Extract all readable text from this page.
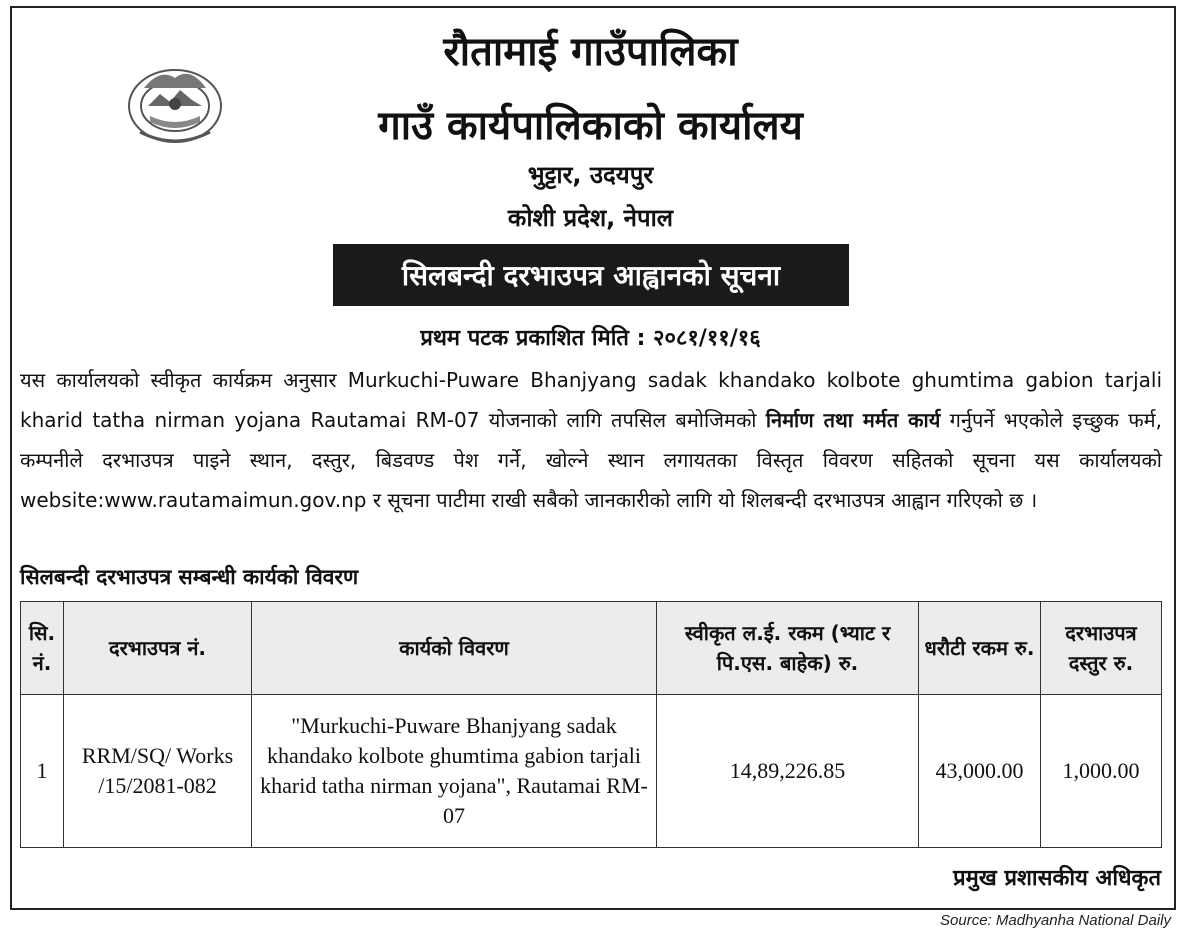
रौतामाई गाउँपालिका
गाउँ कार्यपालिकाको कार्यालय
भुट्टार, उदयपुर
कोशी प्रदेश, नेपाल
सिलबन्दी दरभाउपत्र आह्वानको सूचना
प्रथम पटक प्रकाशित मिति : २०८१/११/१६

यस कार्यालयको स्वीकृत कार्यक्रम अनुसार Murkuchi-Puware Bhanjyang sadak khandako kolbote ghumtima gabion tarjali kharid tatha nirman yojana Rautamai RM-07 योजनाको लागि तपसिल बमोजिमको निर्माण तथा मर्मत कार्य गर्नुपर्ने भएकोले इच्छुक फर्म, कम्पनीले दरभाउपत्र पाइने स्थान, दस्तुर, बिडवण्ड पेश गर्ने, खोल्ने स्थान लगायतका विस्तृत विवरण सहितको सूचना यस कार्यालयको website:www.rautamaimun.gov.np र सूचना पाटीमा राखी सबैको जानकारीको लागि यो शिलबन्दी दरभाउपत्र आह्वान गरिएको छ ।

सिलबन्दी दरभाउपत्र सम्बन्धी कार्यको विवरण
सि. नं.	दरभाउपत्र नं.	कार्यको विवरण	स्वीकृत ल.ई. रकम (भ्याट र पि.एस. बाहेक) रु.	धरौटी रकम रु.	दरभाउपत्र दस्तुर रु.
1	RRM/SQ/ Works /15/2081-082	"Murkuchi-Puware Bhanjyang sadak khandako kolbote ghumtima gabion tarjali kharid tatha nirman yojana", Rautamai RM-07	14,89,226.85	43,000.00	1,000.00
प्रमुख प्रशासकीय अधिकृत
Source: Madhyanha National Daily
